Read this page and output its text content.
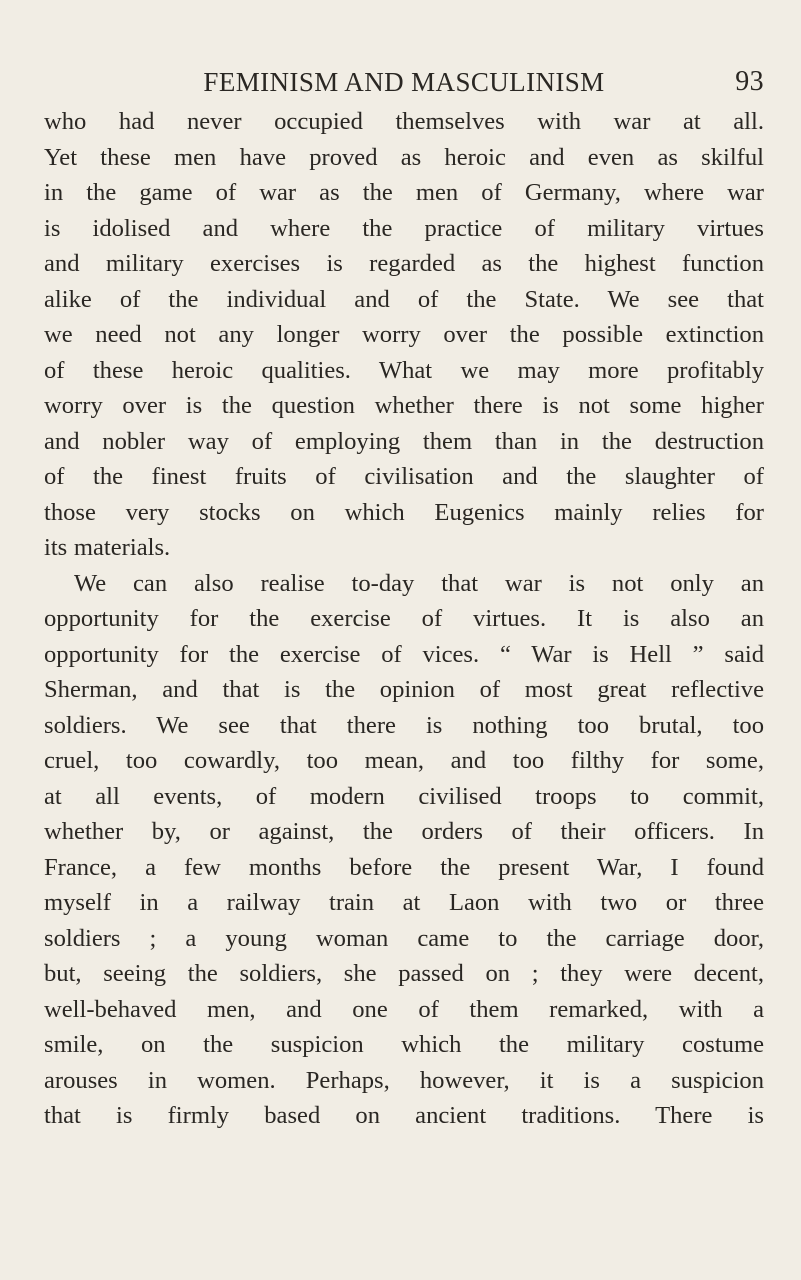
FEMINISM AND MASCULINISM	93
who had never occupied themselves with war at all.
Yet these men have proved as heroic and even as skilful
in the game of war as the men of Germany, where war
is idolised and where the practice of military virtues
and military exercises is regarded as the highest function
alike of the individual and of the State. We see that
we need not any longer worry over the possible extinction
of these heroic qualities. What we may more profitably
worry over is the question whether there is not some higher
and nobler way of employing them than in the destruction
of the finest fruits of civilisation and the slaughter of
those very stocks on which Eugenics mainly relies for
its materials.
We can also realise to-day that war is not only an
opportunity for the exercise of virtues. It is also an
opportunity for the exercise of vices. “ War is Hell ” said
Sherman, and that is the opinion of most great reflective
soldiers. We see that there is nothing too brutal, too
cruel, too cowardly, too mean, and too filthy for some,
at all events, of modern civilised troops to commit,
whether by, or against, the orders of their officers. In
France, a few months before the present War, I found
myself in a railway train at Laon with two or three
soldiers ; a young woman came to the carriage door,
but, seeing the soldiers, she passed on ; they were decent,
well-behaved men, and one of them remarked, with a
smile, on the suspicion which the military costume
arouses in women. Perhaps, however, it is a suspicion
that is firmly based on ancient traditions. There is
